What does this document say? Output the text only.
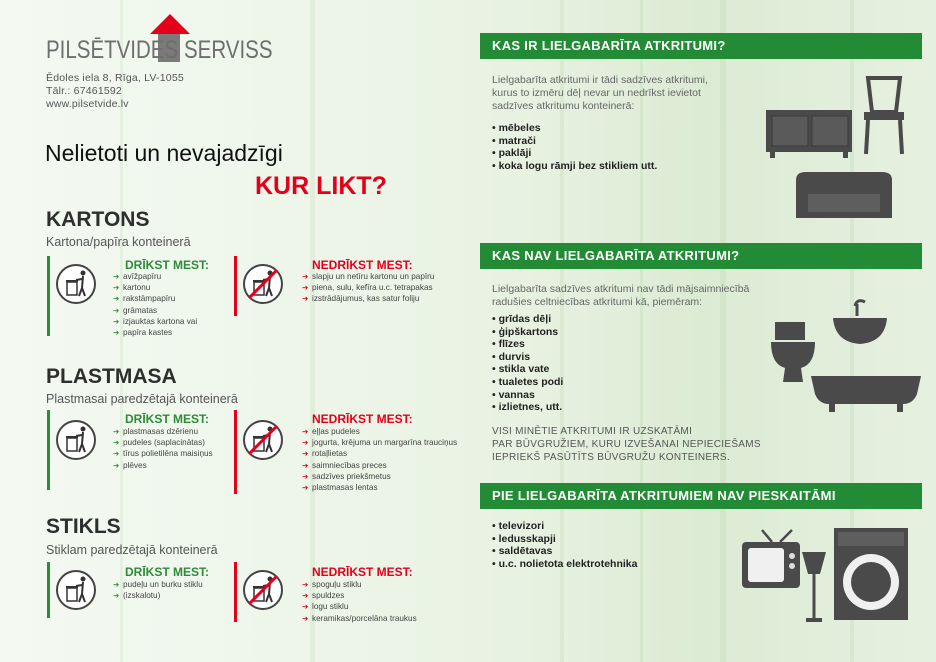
PILSĒTVIDES SERVISS
Ēdoles iela 8, Rīga, LV-1055
Tālr.: 67461592
www.pilsetvide.lv
Nelietoti un nevajadzīgi
KUR LIKT?
KARTONS
Kartona/papīra konteinerā
DRĪKST MEST:
➔ avīžpapīru
➔ kartonu
➔ rakstāmpapīru
➔ grāmatas
➔ izjauktas kartona vai
➔ papīra kastes
NEDRĪKST MEST:
➔ slapju un netīru kartonu un papīru
➔ piena, sulu, kefīra u.c. tetrapakas
➔ izstrādājumus, kas satur foliju
PLASTMASA
Plastmasai paredzētajā konteinerā
DRĪKST MEST:
➔ plastmasas dzērienu
➔ pudeles (saplacinātas)
➔ tīrus polietilēna maisiņus
➔ plēves
NEDRĪKST MEST:
➔ eļļas pudeles
➔ jogurta, krējuma un margarīna trauciņus
➔ rotaļlietas
➔ saimniecības preces
➔ sadzīves priekšmetus
➔ plastmasas lentas
STIKLS
Stiklam paredzētajā konteinerā
DRĪKST MEST:
➔ pudeļu un burku stiklu
➔ (izskalotu)
NEDRĪKST MEST:
➔ spoguļu stiklu
➔ spuldzes
➔ logu stiklu
➔ keramikas/porcelāna traukus
KAS IR LIELGABARĪTA ATKRITUMI?
Lielgabarīta atkritumi ir tādi sadzīves atkritumi,
kurus to izmēru dēļ nevar un nedrīkst ievietot
sadzīves atkritumu konteinerā:
• mēbeles
• matrači
• paklāji
• koka logu rāmji bez stikliem utt.
KAS NAV LIELGABARĪTA ATKRITUMI?
Lielgabarīta sadzīves atkritumi nav tādi mājsaimniecībā
radušies celtniecības atkritumi kā, piemēram:
• grīdas dēļi
• ģipškartons
• flīzes
• durvis
• stikla vate
• tualetes podi
• vannas
• izlietnes, utt.
VISI MINĒTIE ATKRITUMI IR UZSKATĀMI
PAR BŪVGRUŽIEM, KURU IZVEŠANAI NEPIECIEŠAMS
IEPRIEKŠ PASŪTĪTS BŪVGRUŽU KONTEINERS.
PIE LIELGABARĪTA ATKRITUMIEM NAV PIESKAITĀMI
• televizori
• ledusskapji
• saldētavas
• u.c. nolietota elektrotehnika
